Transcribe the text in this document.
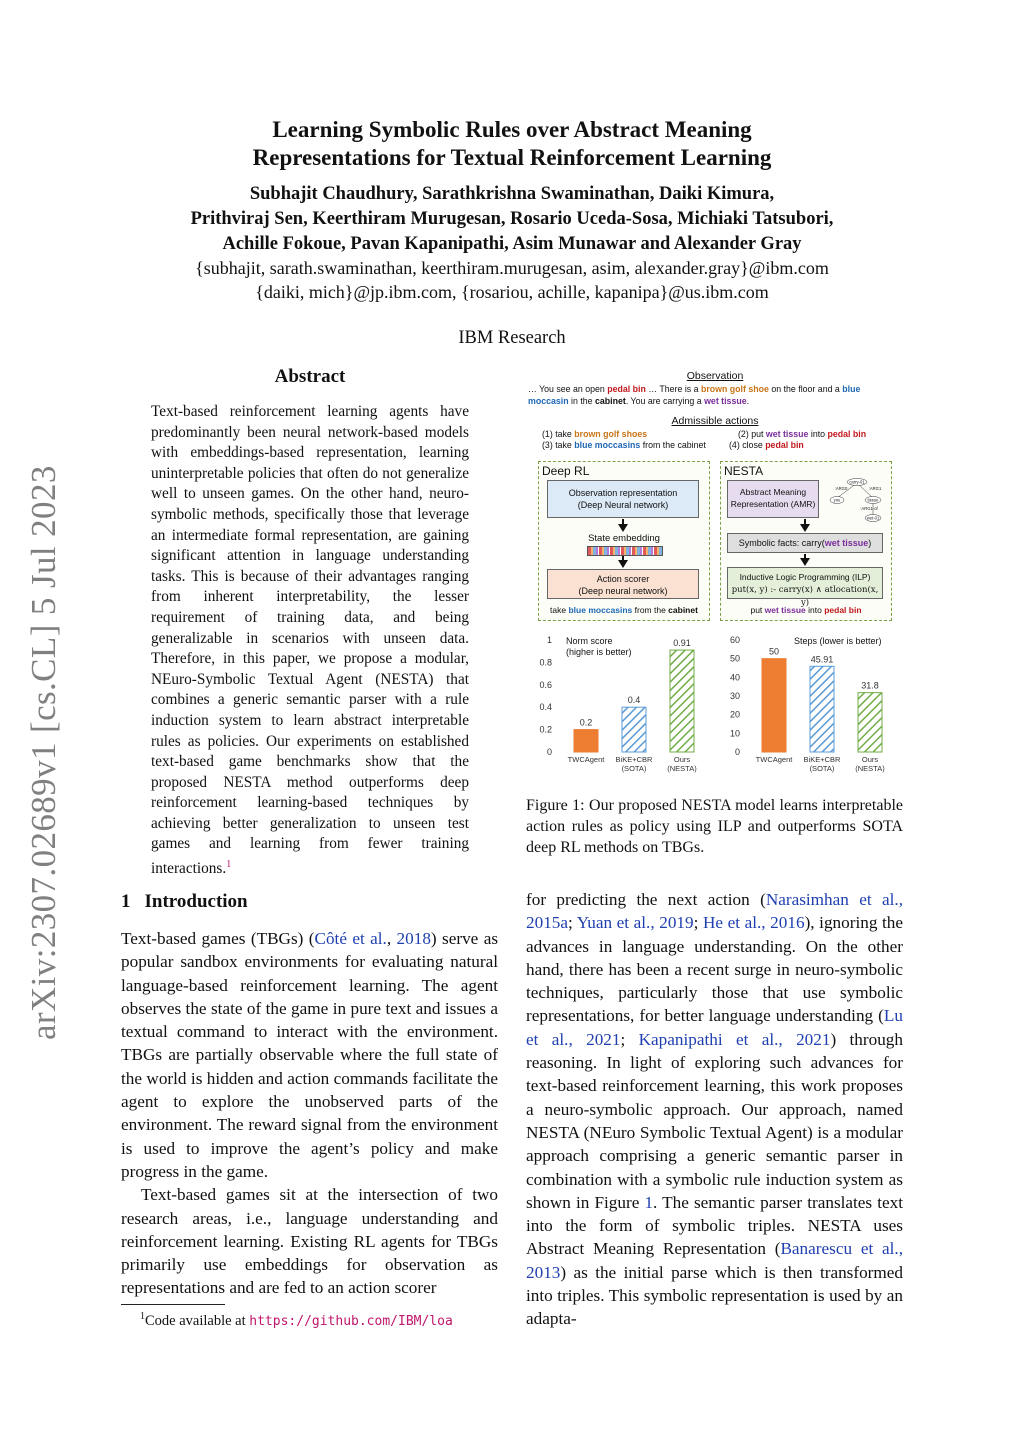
arXiv:2307.02689v1 [cs.CL] 5 Jul 2023
Learning Symbolic Rules over Abstract Meaning
Representations for Textual Reinforcement Learning
Subhajit Chaudhury, Sarathkrishna Swaminathan, Daiki Kimura,
Prithviraj Sen, Keerthiram Murugesan, Rosario Uceda-Sosa, Michiaki Tatsubori,
Achille Fokoue, Pavan Kapanipathi, Asim Munawar and Alexander Gray
{subhajit, sarath.swaminathan, keerthiram.murugesan, asim, alexander.gray}@ibm.com
{daiki, mich}@jp.ibm.com, {rosariou, achille, kapanipa}@us.ibm.com
IBM Research
Abstract
Text-based reinforcement learning agents have predominantly been neural network-based models with embeddings-based representation, learning uninterpretable policies that often do not generalize well to unseen games. On the other hand, neuro-symbolic methods, specifically those that leverage an intermediate formal representation, are gaining significant attention in language understanding tasks. This is because of their advantages ranging from inherent interpretability, the lesser requirement of training data, and being generalizable in scenarios with unseen data. Therefore, in this paper, we propose a modular, NEuro-Symbolic Textual Agent (NESTA) that combines a generic semantic parser with a rule induction system to learn abstract interpretable rules as policies. Our experiments on established text-based game benchmarks show that the proposed NESTA method outperforms deep reinforcement learning-based techniques by achieving better generalization to unseen test games and learning from fewer training interactions.$^1$
1 Introduction

Text-based games (TBGs) (Côté et al., 2018) serve as popular sandbox environments for evaluating natural language-based reinforcement learning. The agent observes the state of the game in pure text and issues a textual command to interact with the environment. TBGs are partially observable where the full state of the world is hidden and action commands facilitate the agent to explore the unobserved parts of the environment. The reward signal from the environment is used to improve the agent’s policy and make progress in the game.

Text-based games sit at the intersection of two research areas, i.e., language understanding and reinforcement learning. Existing RL agents for TBGs primarily use embeddings for observation as representations and are fed to an action scorer

for predicting the next action (Narasimhan et al., 2015a; Yuan et al., 2019; He et al., 2016), ignoring the advances in language understanding. On the other hand, there has been a recent surge in neuro-symbolic techniques, particularly those that use symbolic representations, for better language understanding (Lu et al., 2021; Kapanipathi et al., 2021) through reasoning. In light of exploring such advances for text-based reinforcement learning, this work proposes a neuro-symbolic approach. Our approach, named NESTA (NEuro Symbolic Textual Agent) is a modular approach comprising a generic semantic parser in combination with a symbolic rule induction system as shown in Figure 1. The semantic parser translates text into the form of symbolic triples. NESTA uses Abstract Meaning Representation (Banarescu et al., 2013) as the initial parse which is then transformed into triples. This symbolic representation is used by an adapta-

$^1$Code available at https://github.com/IBM/loa
Observation
… You see an open pedal bin … There is a brown golf shoe on the floor and a blue moccasin in the cabinet. You are carrying a wet tissue.
Admissible actions
(1) take brown golf shoes	(2) put wet tissue into pedal bin
(3) take blue moccasins from the cabinet	(4) close pedal bin
Deep RL
Observation representation
(Deep Neural network)
State embedding
Action scorer
(Deep neural network)
take blue moccasins from the cabinet
NESTA
Abstract Meaning
Representation (AMR)
carry-01
:ARG0	:ARG1
you	tissue
:ARG1-of
wet-01
Symbolic facts: carry(wet tissue)
Inductive Logic Programming (ILP)
put(x, y) :- carry(x) ∧ atlocation(x, y)
put wet tissue into pedal bin
0
0.2
0.4
0.6
0.8
1 Norm score
(higher is better)
0.2
TWCAgent
0.4
BiKE+CBR
(SOTA)
0.91
Ours
(NESTA)
0
10
20
30
40
50
60	Steps (lower is better)
50
TWCAgent
45.91
BiKE+CBR
(SOTA)
31.8
Ours
(NESTA)
Figure 1: Our proposed NESTA model learns interpretable action rules as policy using ILP and outperforms SOTA deep RL methods on TBGs.
